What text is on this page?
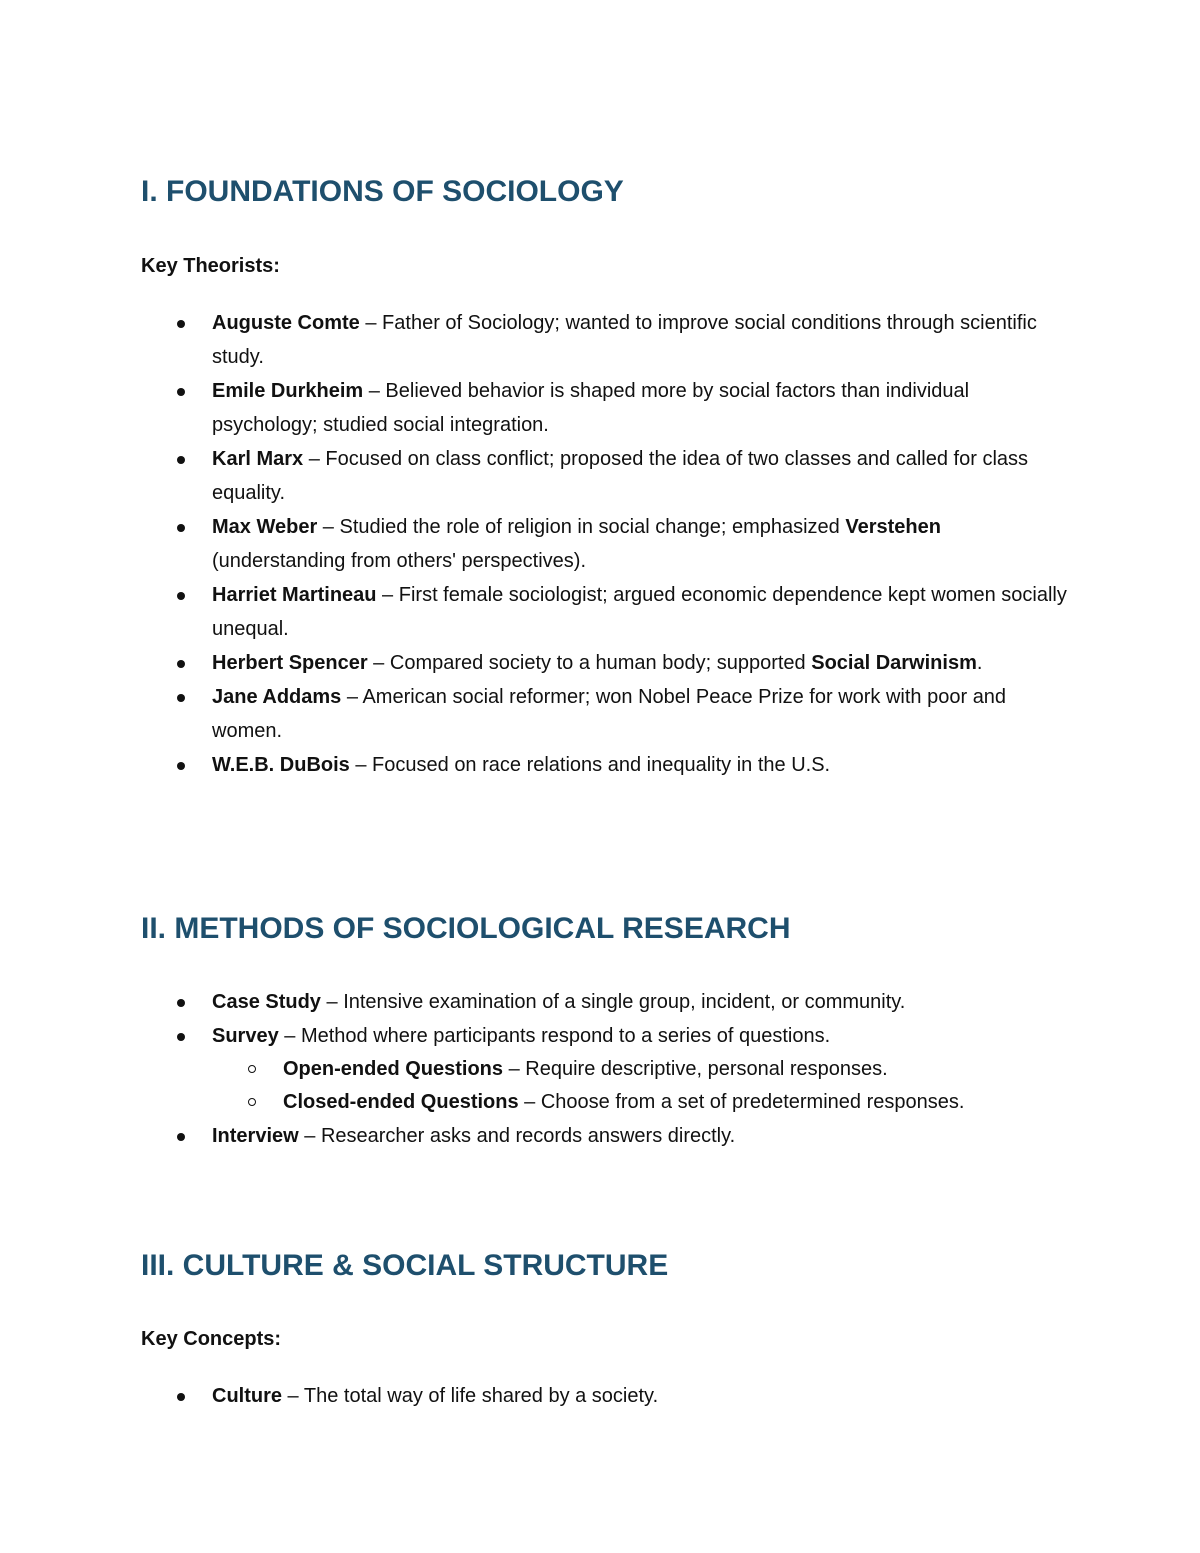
I. FOUNDATIONS OF SOCIOLOGY

Key Theorists:

Auguste Comte – Father of Sociology; wanted to improve social conditions through scientific study.
Emile Durkheim – Believed behavior is shaped more by social factors than individual psychology; studied social integration.
Karl Marx – Focused on class conflict; proposed the idea of two classes and called for class equality.
Max Weber – Studied the role of religion in social change; emphasized Verstehen (understanding from others' perspectives).
Harriet Martineau – First female sociologist; argued economic dependence kept women socially unequal.
Herbert Spencer – Compared society to a human body; supported Social Darwinism.
Jane Addams – American social reformer; won Nobel Peace Prize for work with poor and women.
W.E.B. DuBois – Focused on race relations and inequality in the U.S.
II. METHODS OF SOCIOLOGICAL RESEARCH
Case Study – Intensive examination of a single group, incident, or community.
Survey – Method where participants respond to a series of questions.
Open-ended Questions – Require descriptive, personal responses.
Closed-ended Questions – Choose from a set of predetermined responses.
Interview – Researcher asks and records answers directly.
III. CULTURE & SOCIAL STRUCTURE

Key Concepts:

Culture – The total way of life shared by a society.
